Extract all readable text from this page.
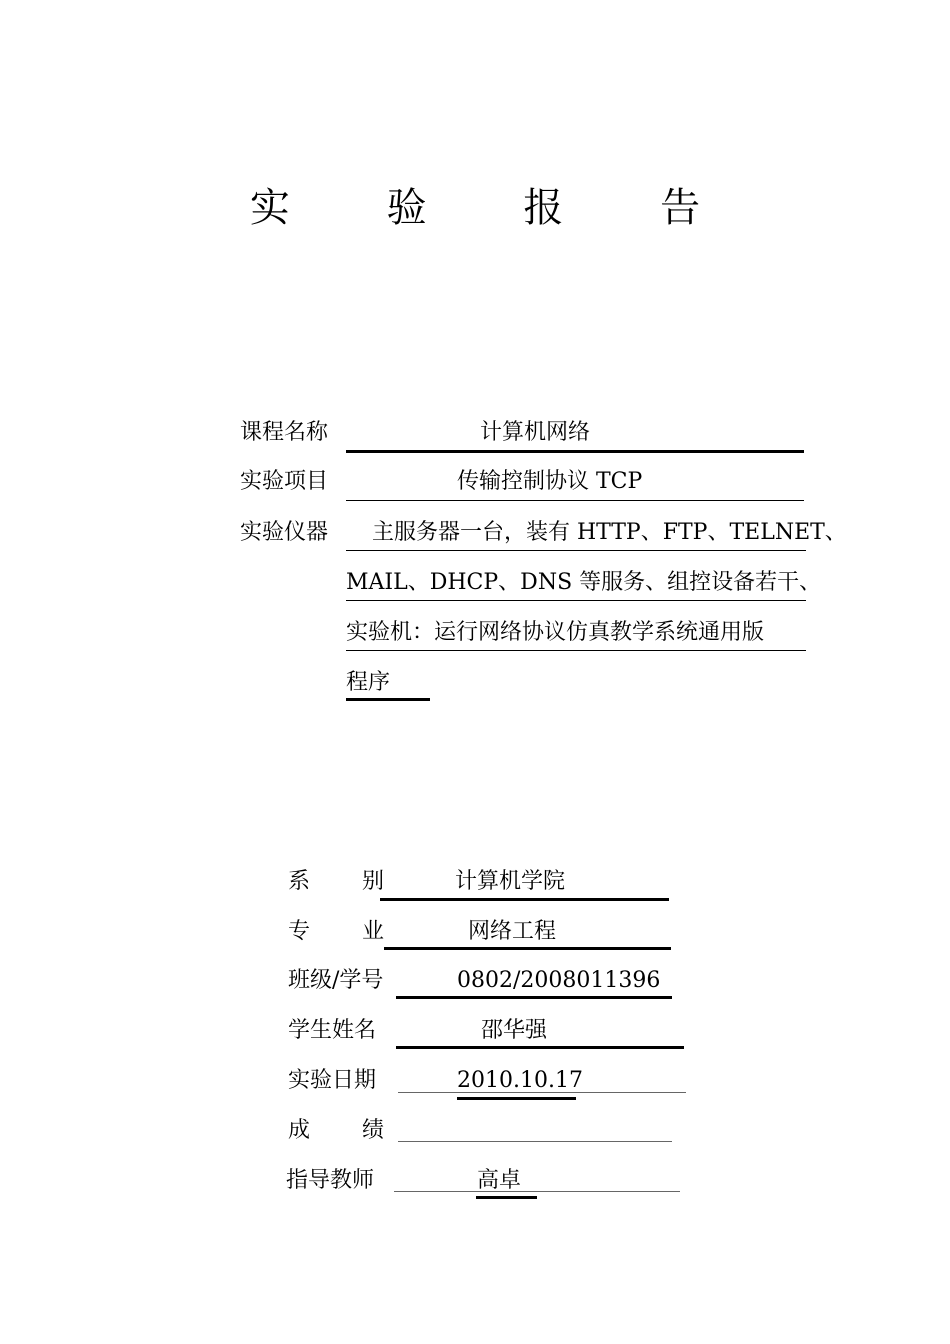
实 验 报 告
课程名称	计算机网络
实验项目	传输控制协议 TCP
实验仪器 主服务器一台，装有 HTTP、FTP、TELNET、
MAIL、DHCP、DNS 等服务、组控设备若干、
实验机：运行网络协议仿真教学系统通用版
程序
系 别	计算机学院
专 业	网络工程
班级/学号	0802/2008011396
学生姓名	邵华强
实验日期	2010.10.17
成 绩
指导教师	高卓
